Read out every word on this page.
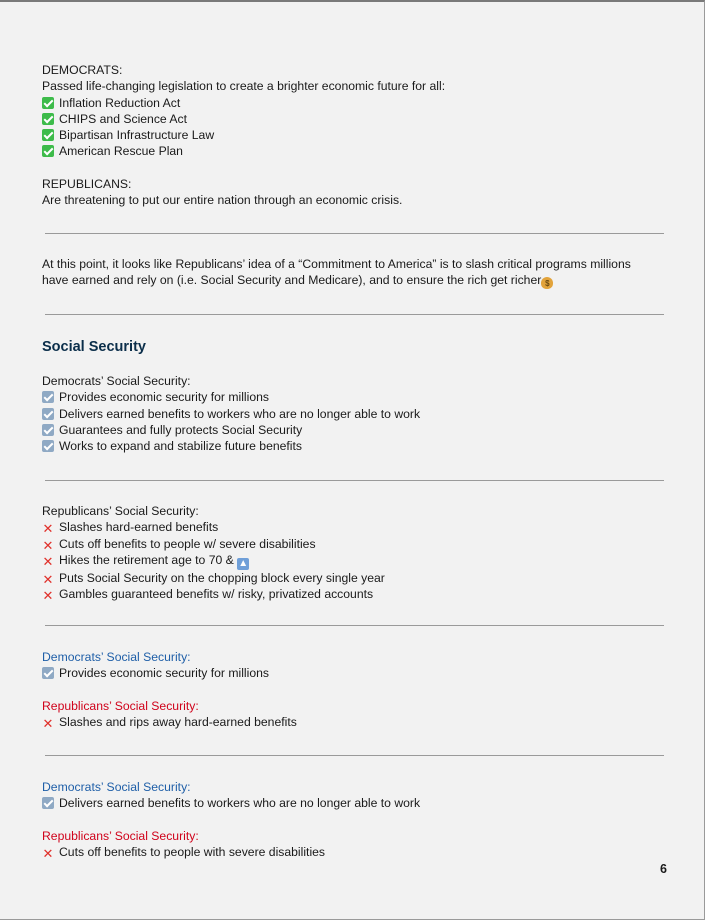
DEMOCRATS:
Passed life-changing legislation to create a brighter economic future for all:
Inflation Reduction Act
CHIPS and Science Act
Bipartisan Infrastructure Law
American Rescue Plan

REPUBLICANS:
Are threatening to put our entire nation through an economic crisis.
At this point, it looks like Republicans’ idea of a “Commitment to America” is to slash critical programs millions have earned and rely on (i.e. Social Security and Medicare), and to ensure the rich get richer $
Social Security
Democrats’ Social Security:
Provides economic security for millions
Delivers earned benefits to workers who are no longer able to work
Guarantees and fully protects Social Security
Works to expand and stabilize future benefits
Republicans’ Social Security:
✕ Slashes hard-earned benefits
✕ Cuts off benefits to people w/ severe disabilities
✕ Hikes the retirement age to 70 & ▲
✕ Puts Social Security on the chopping block every single year
✕ Gambles guaranteed benefits w/ risky, privatized accounts
Democrats’ Social Security:
Provides economic security for millions

Republicans’ Social Security:
✕ Slashes and rips away hard-earned benefits
Democrats’ Social Security:
Delivers earned benefits to workers who are no longer able to work

Republicans’ Social Security:
✕ Cuts off benefits to people with severe disabilities
6
